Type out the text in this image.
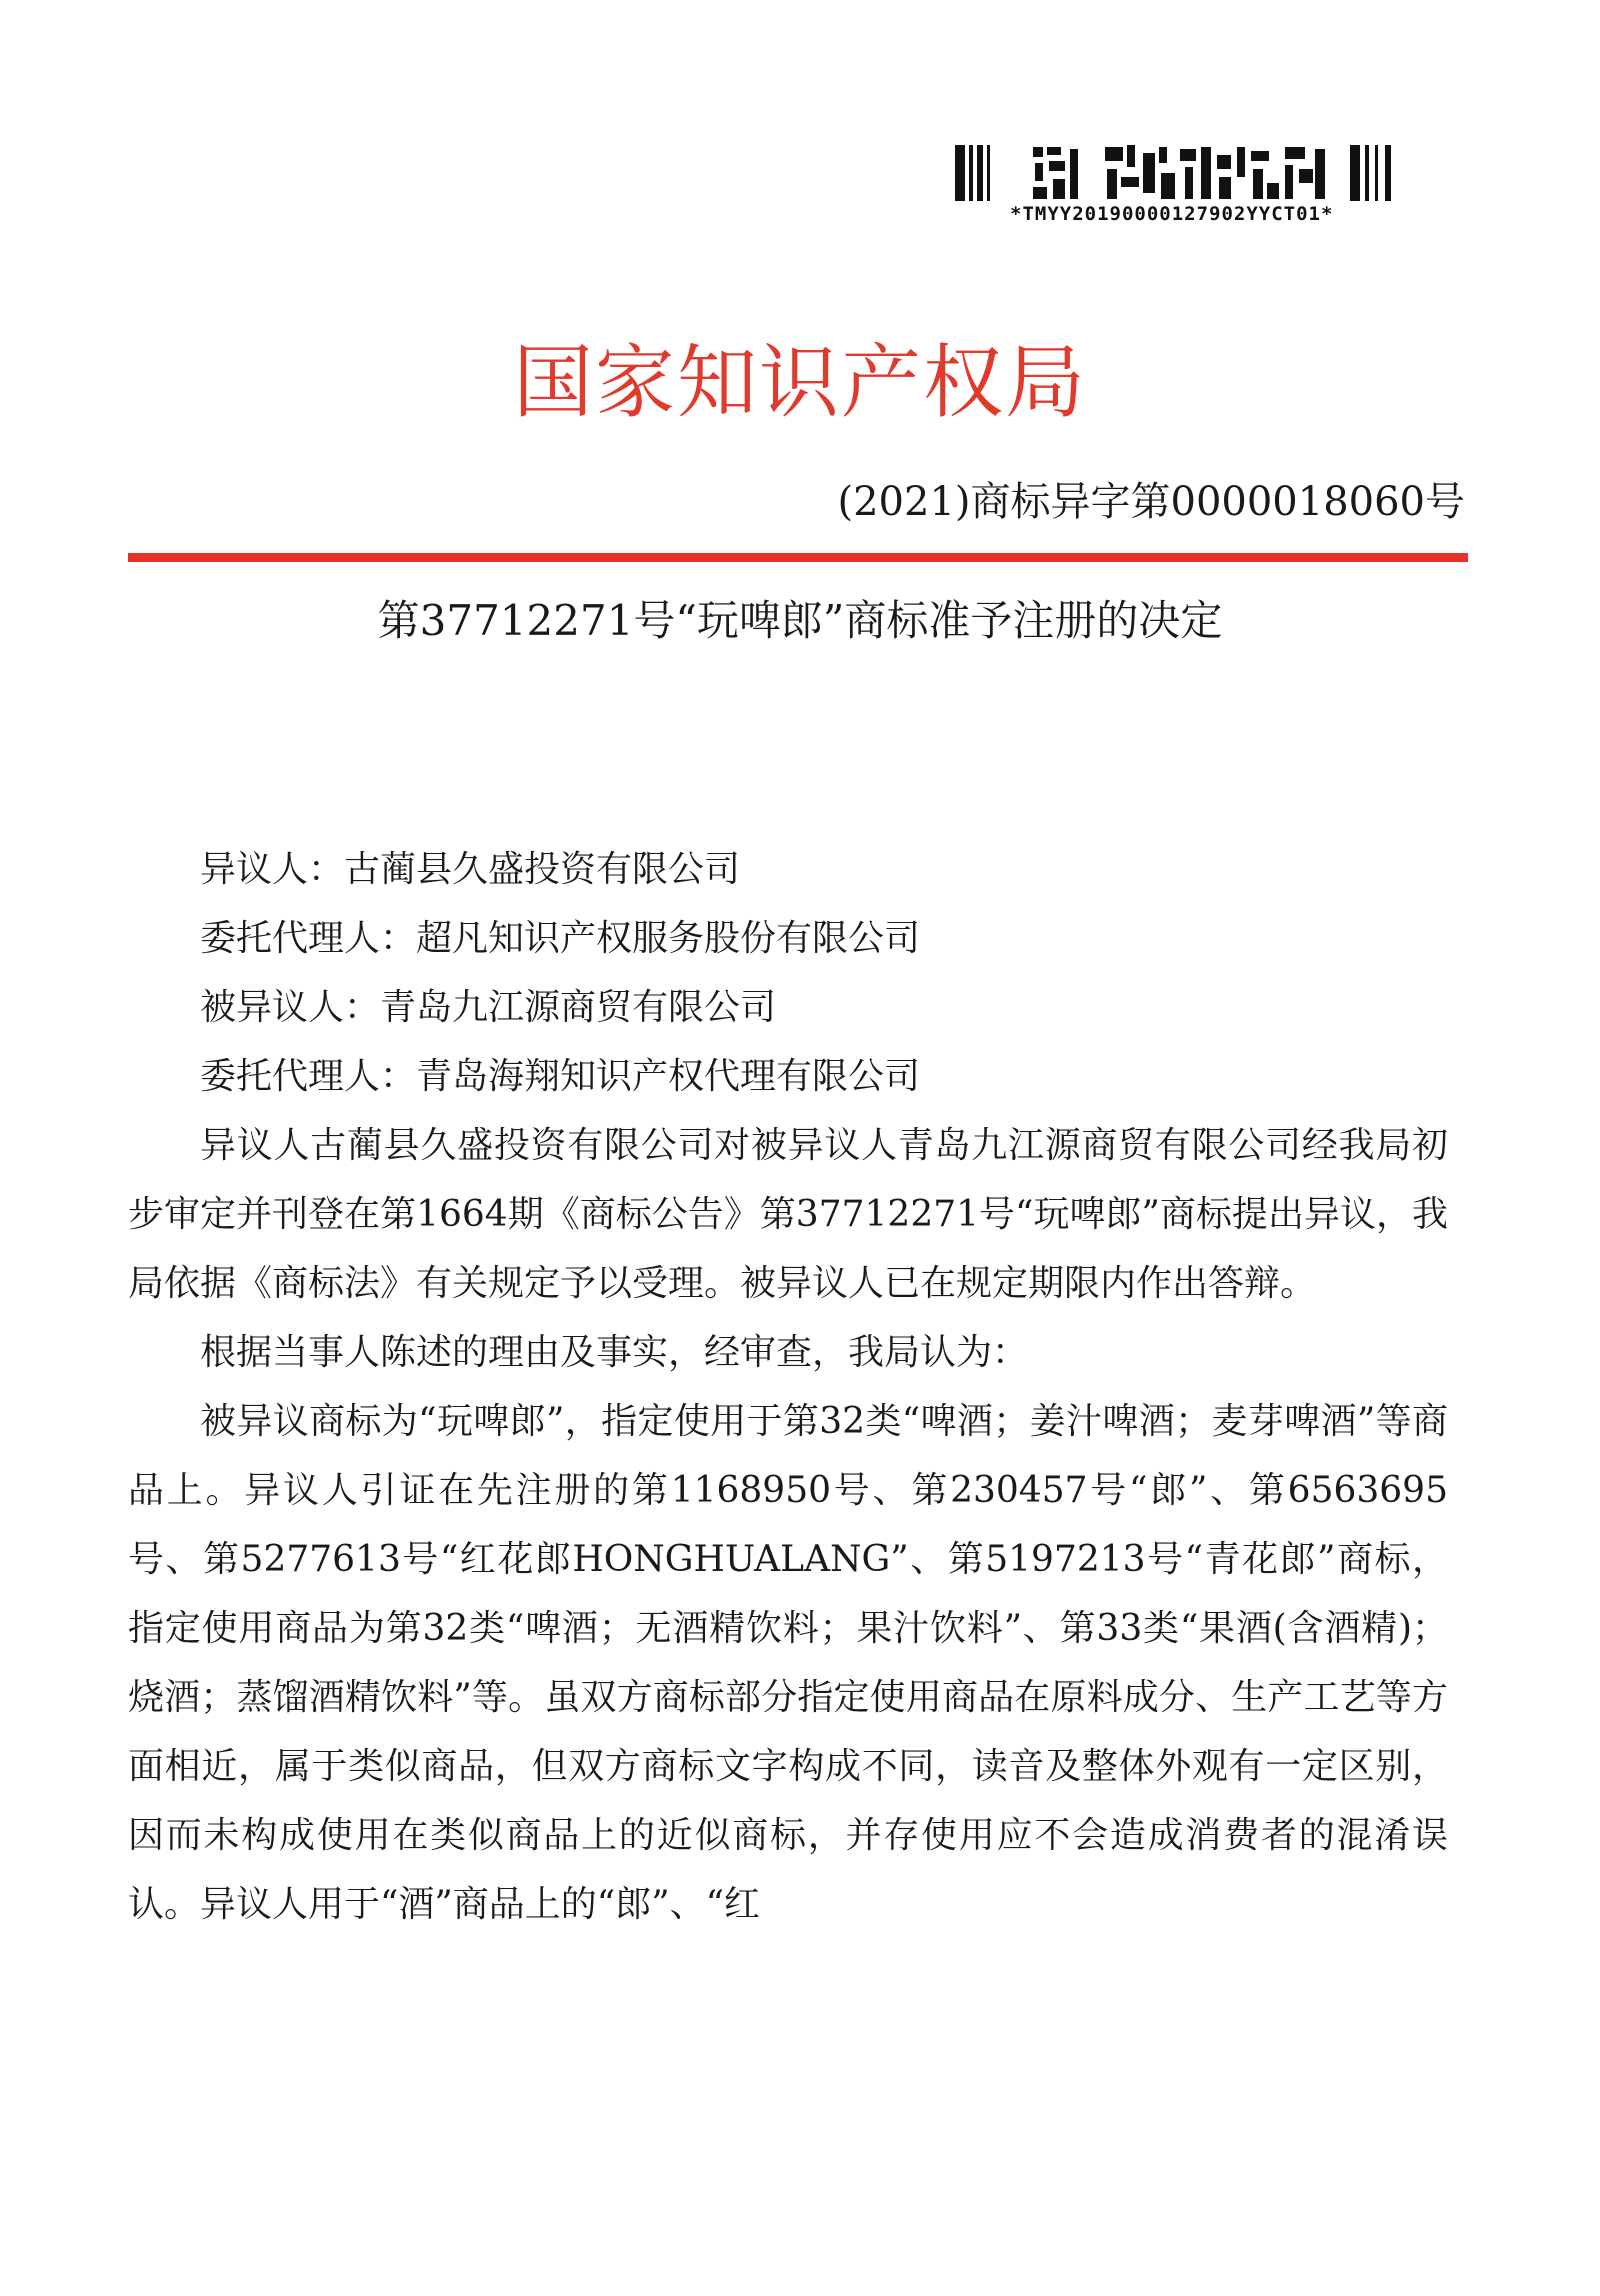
*TMYY20190000127902YYCT01*
国家知识产权局
(2021)商标异字第0000018060号
第37712271号“玩啤郎”商标准予注册的决定
异议人：古蔺县久盛投资有限公司
委托代理人：超凡知识产权服务股份有限公司
被异议人：青岛九江源商贸有限公司
委托代理人：青岛海翔知识产权代理有限公司

异议人古蔺县久盛投资有限公司对被异议人青岛九江源商贸有限公司经我局初步审定并刊登在第1664期《商标公告》第37712271号“玩啤郎”商标提出异议，我局依据《商标法》有关规定予以受理。被异议人已在规定期限内作出答辩。

根据当事人陈述的理由及事实，经审查，我局认为：

被异议商标为“玩啤郎”，指定使用于第32类“啤酒；姜汁啤酒；麦芽啤酒”等商品上。异议人引证在先注册的第1168950号、第230457号“郎”、第6563695号、第5277613号“红花郎HONGHUALANG”、第5197213号“青花郎”商标，指定使用商品为第32类“啤酒；无酒精饮料；果汁饮料”、第33类“果酒(含酒精)；烧酒；蒸馏酒精饮料”等。虽双方商标部分指定使用商品在原料成分、生产工艺等方面相近，属于类似商品，但双方商标文字构成不同，读音及整体外观有一定区别，因而未构成使用在类似商品上的近似商标，并存使用应不会造成消费者的混淆误认。异议人用于“酒”商品上的“郎”、“红
